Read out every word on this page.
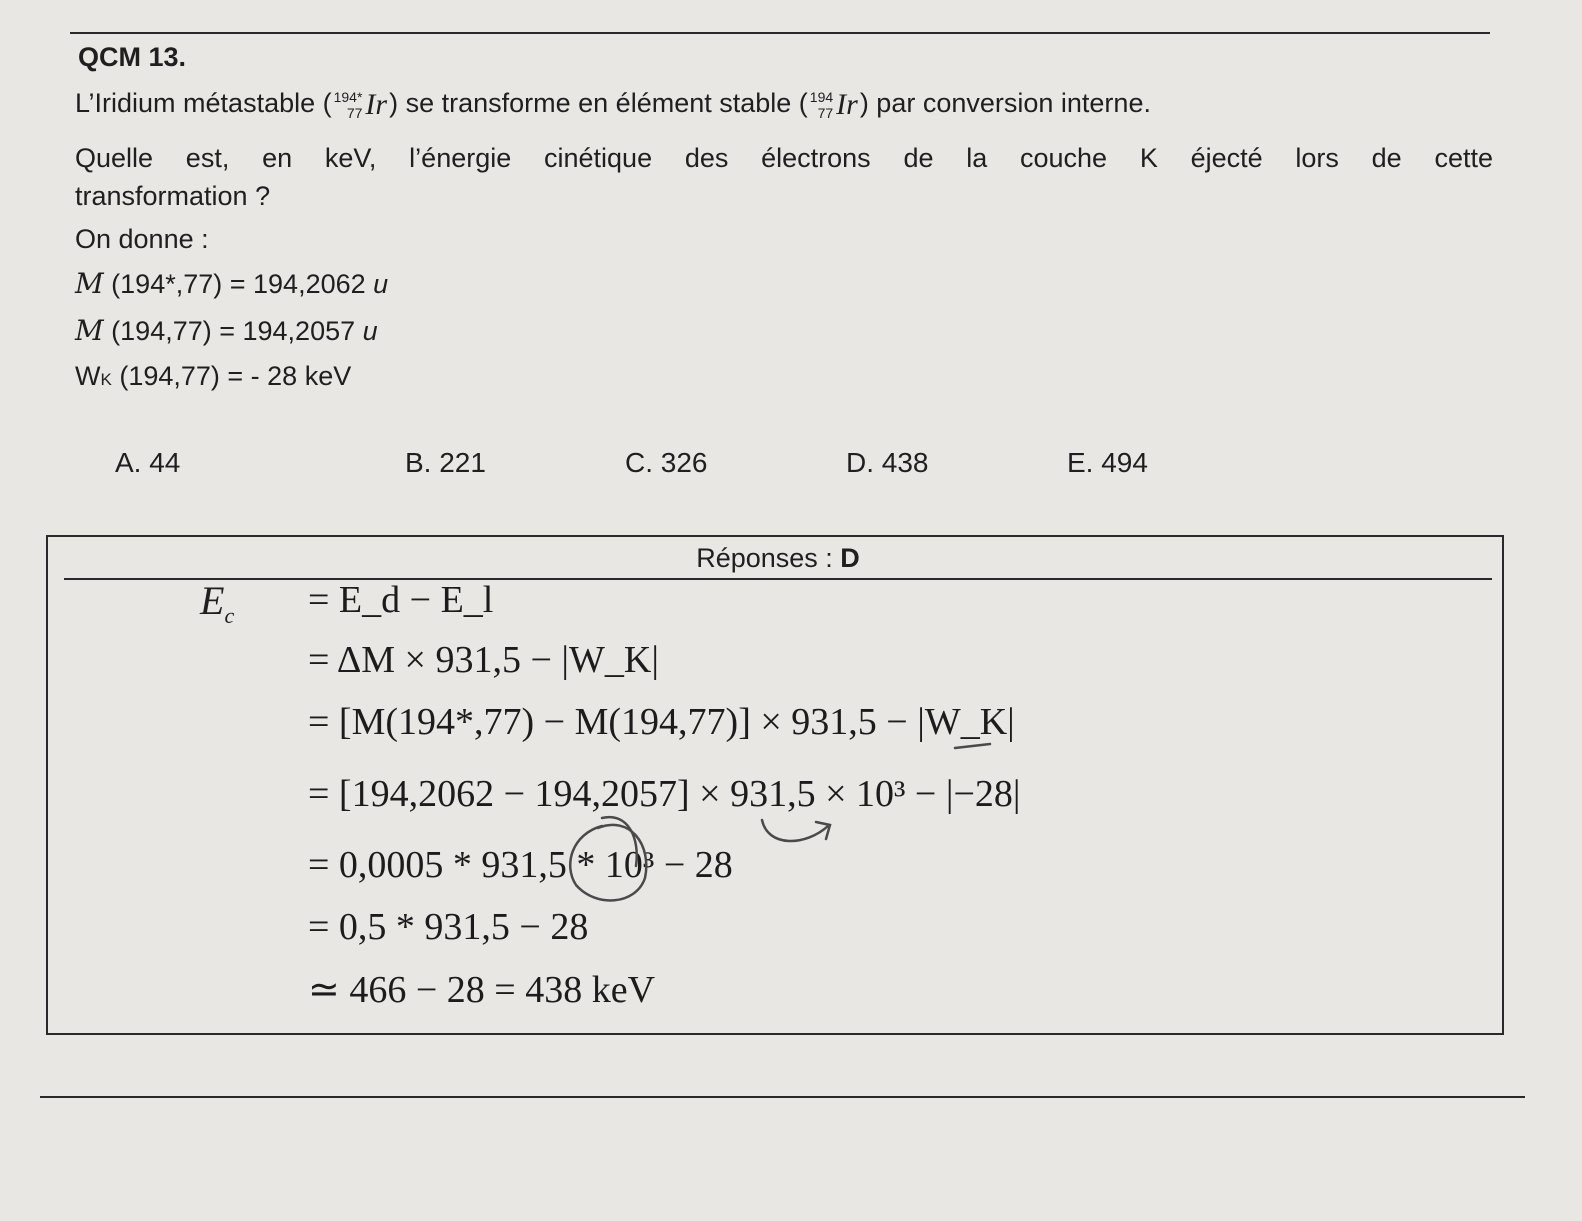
QCM 13.
L’Iridium métastable ( 194*
77 Ir) se transforme en élément stable ( 194
77 Ir) par conversion interne.
Quelle est, en keV, l’énergie cinétique des électrons de la couche K éjecté lors de cette
transformation ?
On donne :
M (194*,77) = 194,2062 u
M (194,77) = 194,2057 u
WK (194,77) = - 28 keV
A. 44	B. 221	C. 326	D. 438	E. 494
Réponses : D
$E_c$ = E_d − E_l
= ΔM × 931,5 − |W_K|
= [M(194*,77) − M(194,77)] × 931,5 − |W_K|
= [194,2062 − 194,2057] × 931,5 × 10³ − |−28|
= 0,0005 * 931,5 * 10³ − 28
= 0,5 * 931,5 − 28
≃ 466 − 28 = 438 keV
